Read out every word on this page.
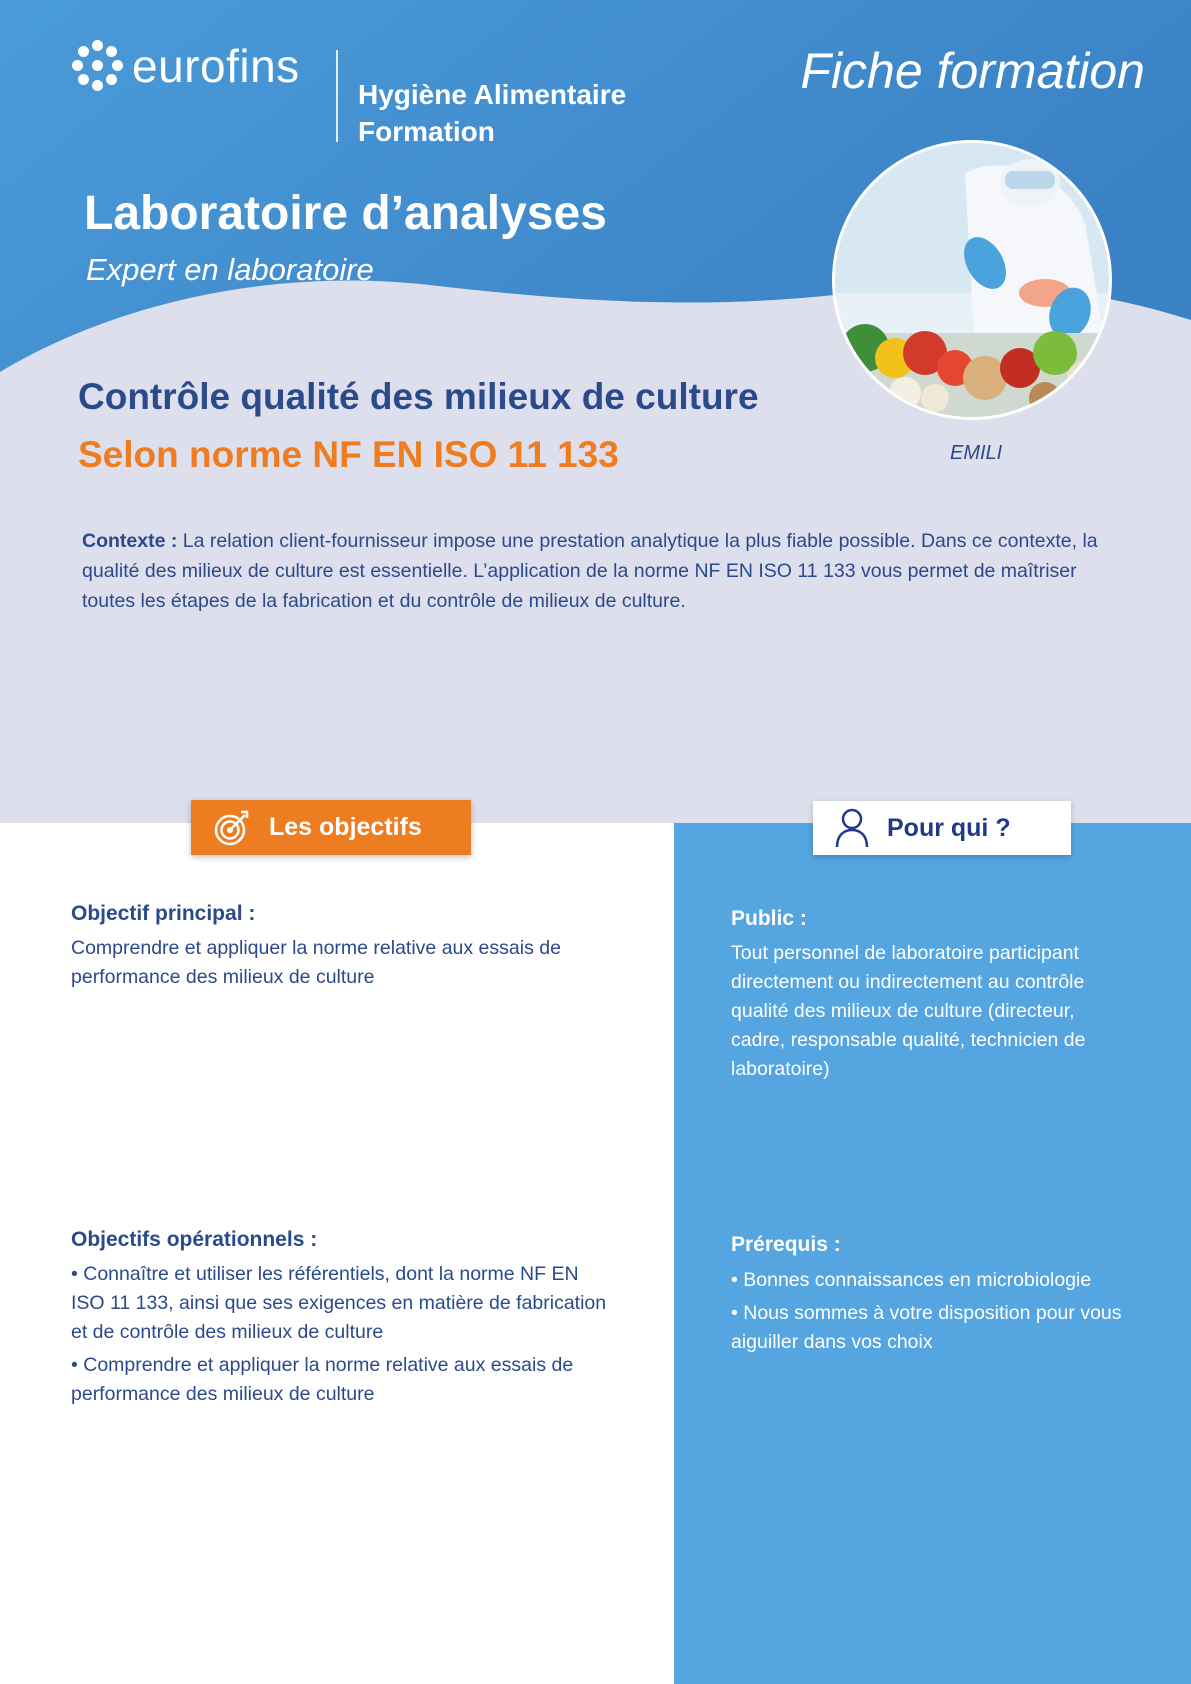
eurofins
Hygiène Alimentaire
Formation
Fiche formation
Laboratoire d’analyses
Expert en laboratoire
EMILI
Contrôle qualité des milieux de culture
Selon norme NF EN ISO 11 133
Contexte : La relation client-fournisseur impose une prestation analytique la plus fiable possible. Dans ce contexte, la qualité des milieux de culture est essentielle. L’application de la norme NF EN ISO 11 133 vous permet de maîtriser toutes les étapes de la fabrication et du contrôle de milieux de culture.
Les objectifs	Pour qui ?
Objectif principal :
Comprendre et appliquer la norme relative aux essais de performance des milieux de culture
Objectifs opérationnels :
• Connaître et utiliser les référentiels, dont la norme NF EN ISO 11 133, ainsi que ses exigences en matière de fabrication et de contrôle des milieux de culture
• Comprendre et appliquer la norme relative aux essais de performance des milieux de culture
Public :
Tout personnel de laboratoire participant directement ou indirectement au contrôle qualité des milieux de culture (directeur, cadre, responsable qualité, technicien de laboratoire)
Prérequis :
• Bonnes connaissances en microbiologie
• Nous sommes à votre disposition pour vous aiguiller dans vos choix
